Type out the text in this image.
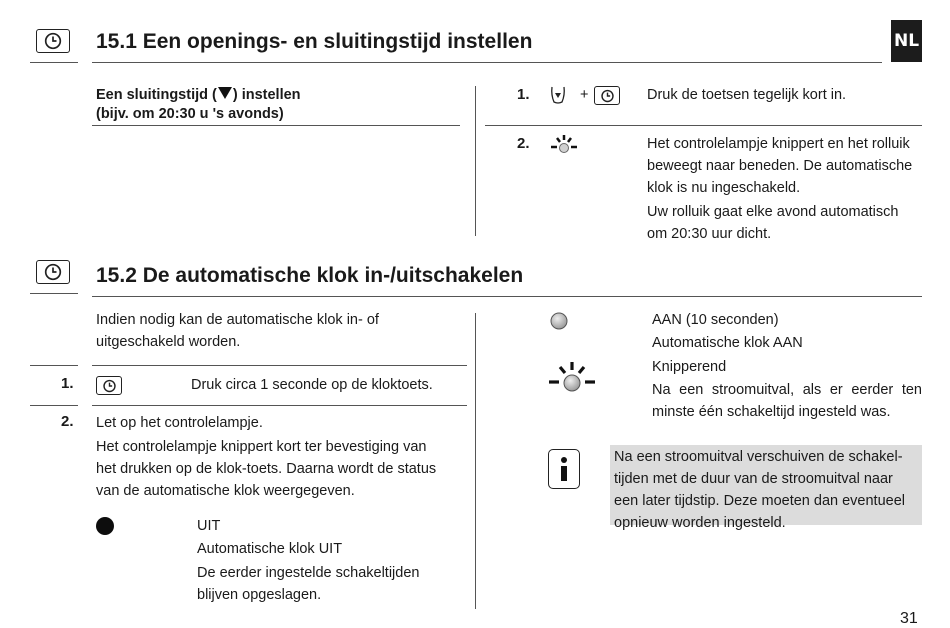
NL
15.1 Een openings- en sluitingstijd instellen
Een sluitingstijd ( ) instellen
(bijv. om 20:30 u 's avonds)
1.	+	Druk de toetsen tegelijk kort in.
2.	Het controlelampje knippert en het rolluik
beweegt naar beneden. De automatische
klok is nu ingeschakeld.
Uw rolluik gaat elke avond automatisch
om 20:30 uur dicht.
15.2 De automatische klok in-/uitschakelen
Indien nodig kan de automatische klok in- of
uitgeschakeld worden.
1.	Druk circa 1 seconde op de kloktoets.
2. Let op het controlelampje.
Het controlelampje knippert kort ter bevestiging van
het drukken op de klok-toets. Daarna wordt de status
van de automatische klok weergegeven.
UIT
Automatische klok UIT
De eerder ingestelde schakeltijden
blijven opgeslagen.
AAN (10 seconden)
Automatische klok AAN
Knipperend
Na een stroomuitval, als er eerder ten
minste één schakeltijd ingesteld was.
Na een stroomuitval verschuiven de schakel-
tijden met de duur van de stroomuitval naar
een later tijdstip. Deze moeten dan eventueel
opnieuw worden ingesteld.
31
